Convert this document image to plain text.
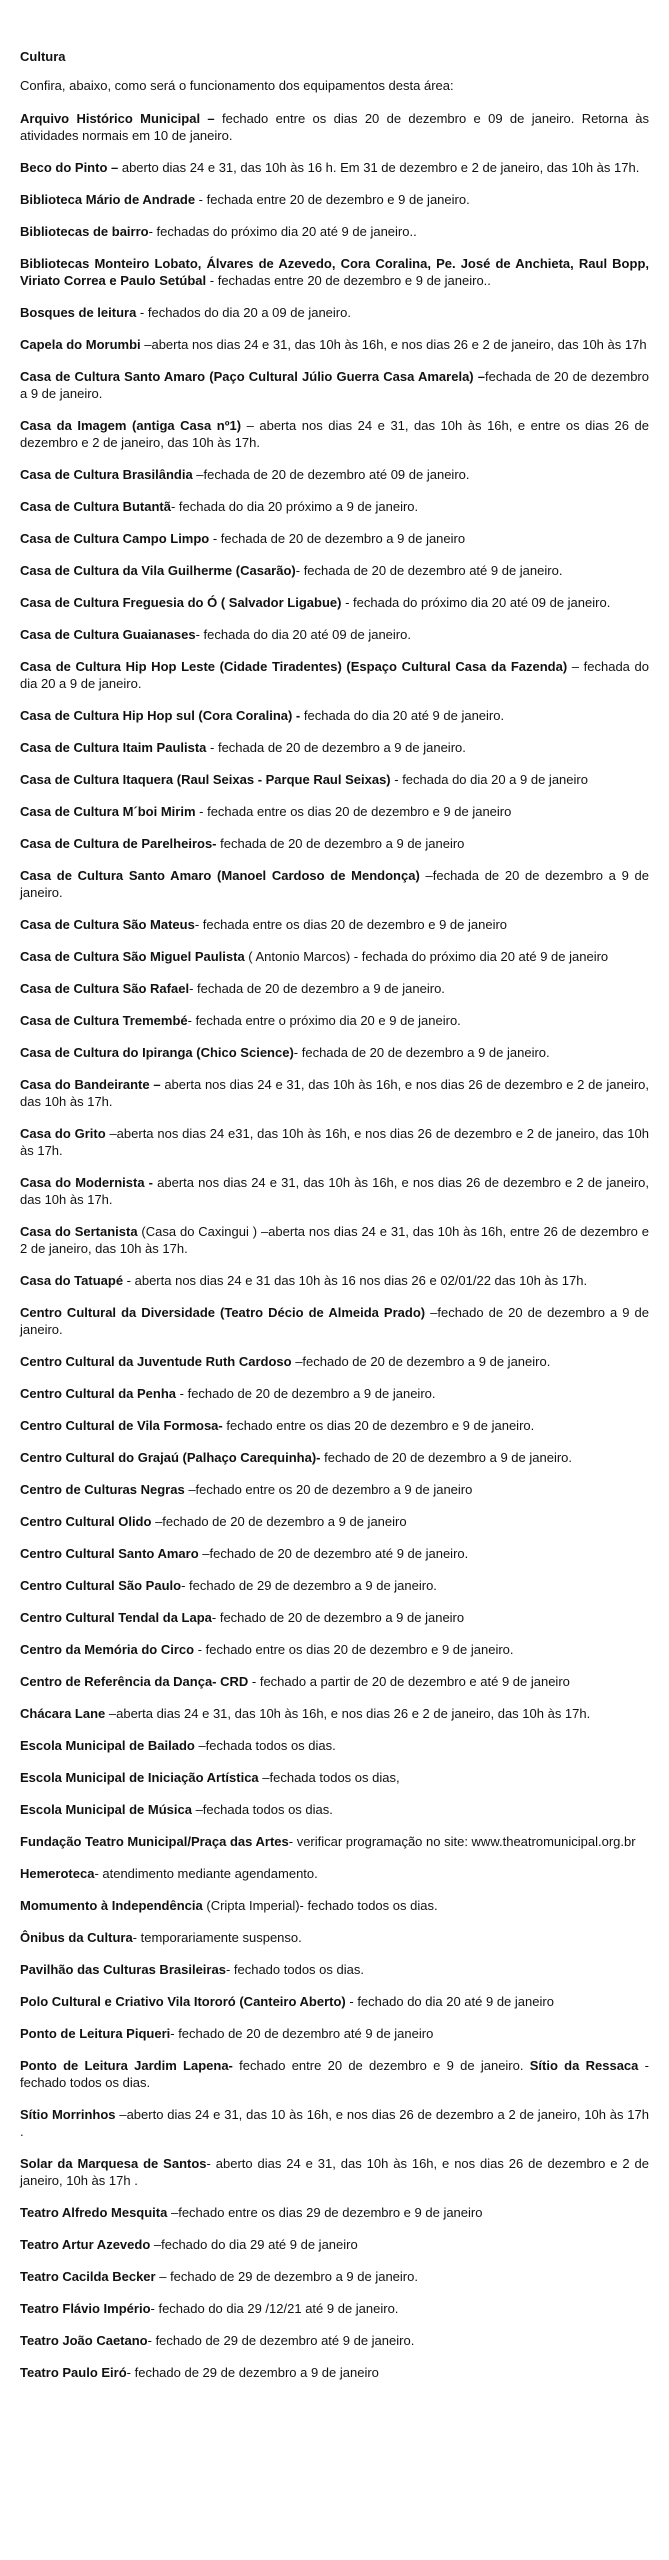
Cultura

Confira, abaixo, como será o funcionamento dos equipamentos desta área:

Arquivo Histórico Municipal – fechado entre os dias 20 de dezembro e 09 de janeiro. Retorna às atividades normais em 10 de janeiro.

Beco do Pinto – aberto dias 24 e 31, das 10h às 16 h. Em 31 de dezembro e 2 de janeiro, das 10h às 17h.

Biblioteca Mário de Andrade - fechada entre 20 de dezembro e 9 de janeiro.

Bibliotecas de bairro- fechadas do próximo dia 20 até 9 de janeiro..

Bibliotecas Monteiro Lobato, Álvares de Azevedo, Cora Coralina, Pe. José de Anchieta, Raul Bopp, Viriato Correa e Paulo Setúbal - fechadas entre 20 de dezembro e 9 de janeiro..

Bosques de leitura - fechados do dia 20 a 09 de janeiro.

Capela do Morumbi –aberta nos dias 24 e 31, das 10h às 16h, e nos dias 26 e 2 de janeiro, das 10h às 17h

Casa de Cultura Santo Amaro (Paço Cultural Júlio Guerra Casa Amarela) –fechada de 20 de dezembro a 9 de janeiro.

Casa da Imagem (antiga Casa nº1) – aberta nos dias 24 e 31, das 10h às 16h, e entre os dias 26 de dezembro e 2 de janeiro, das 10h às 17h.

Casa de Cultura Brasilândia –fechada de 20 de dezembro até 09 de janeiro.

Casa de Cultura Butantã- fechada do dia 20 próximo a 9 de janeiro.

Casa de Cultura Campo Limpo - fechada de 20 de dezembro a 9 de janeiro

Casa de Cultura da Vila Guilherme (Casarão)- fechada de 20 de dezembro até 9 de janeiro.

Casa de Cultura Freguesia do Ó ( Salvador Ligabue) - fechada do próximo dia 20 até 09 de janeiro.

Casa de Cultura Guaianases- fechada do dia 20 até 09 de janeiro.

Casa de Cultura Hip Hop Leste (Cidade Tiradentes) (Espaço Cultural Casa da Fazenda) – fechada do dia 20 a 9 de janeiro.

Casa de Cultura Hip Hop sul (Cora Coralina) - fechada do dia 20 até 9 de janeiro.

Casa de Cultura Itaim Paulista - fechada de 20 de dezembro a 9 de janeiro.

Casa de Cultura Itaquera (Raul Seixas - Parque Raul Seixas) - fechada do dia 20 a 9 de janeiro

Casa de Cultura M´boi Mirim - fechada entre os dias 20 de dezembro e 9 de janeiro

Casa de Cultura de Parelheiros- fechada de 20 de dezembro a 9 de janeiro

Casa de Cultura Santo Amaro (Manoel Cardoso de Mendonça) –fechada de 20 de dezembro a 9 de janeiro.

Casa de Cultura São Mateus- fechada entre os dias 20 de dezembro e 9 de janeiro

Casa de Cultura São Miguel Paulista ( Antonio Marcos) - fechada do próximo dia 20 até 9 de janeiro

Casa de Cultura São Rafael- fechada de 20 de dezembro a 9 de janeiro.

Casa de Cultura Tremembé- fechada entre o próximo dia 20 e 9 de janeiro.

Casa de Cultura do Ipiranga (Chico Science)- fechada de 20 de dezembro a 9 de janeiro.

Casa do Bandeirante – aberta nos dias 24 e 31, das 10h às 16h, e nos dias 26 de dezembro e 2 de janeiro, das 10h às 17h.

Casa do Grito –aberta nos dias 24 e31, das 10h às 16h, e nos dias 26 de dezembro e 2 de janeiro, das 10h às 17h.

Casa do Modernista - aberta nos dias 24 e 31, das 10h às 16h, e nos dias 26 de dezembro e 2 de janeiro, das 10h às 17h.

Casa do Sertanista (Casa do Caxingui ) –aberta nos dias 24 e 31, das 10h às 16h, entre 26 de dezembro e 2 de janeiro, das 10h às 17h.

Casa do Tatuapé - aberta nos dias 24 e 31 das 10h às 16 nos dias 26 e 02/01/22 das 10h às 17h.

Centro Cultural da Diversidade (Teatro Décio de Almeida Prado) –fechado de 20 de dezembro a 9 de janeiro.

Centro Cultural da Juventude Ruth Cardoso –fechado de 20 de dezembro a 9 de janeiro.

Centro Cultural da Penha - fechado de 20 de dezembro a 9 de janeiro.

Centro Cultural de Vila Formosa- fechado entre os dias 20 de dezembro e 9 de janeiro.

Centro Cultural do Grajaú (Palhaço Carequinha)- fechado de 20 de dezembro a 9 de janeiro.

Centro de Culturas Negras –fechado entre os 20 de dezembro a 9 de janeiro

Centro Cultural Olido –fechado de 20 de dezembro a 9 de janeiro

Centro Cultural Santo Amaro –fechado de 20 de dezembro até 9 de janeiro.

Centro Cultural São Paulo- fechado de 29 de dezembro a 9 de janeiro.

Centro Cultural Tendal da Lapa- fechado de 20 de dezembro a 9 de janeiro

Centro da Memória do Circo - fechado entre os dias 20 de dezembro e 9 de janeiro.

Centro de Referência da Dança- CRD - fechado a partir de 20 de dezembro e até 9 de janeiro

Chácara Lane –aberta dias 24 e 31, das 10h às 16h, e nos dias 26 e 2 de janeiro, das 10h às 17h.

Escola Municipal de Bailado –fechada todos os dias.

Escola Municipal de Iniciação Artística –fechada todos os dias,

Escola Municipal de Música –fechada todos os dias.

Fundação Teatro Municipal/Praça das Artes- verificar programação no site: www.theatromunicipal.org.br

Hemeroteca- atendimento mediante agendamento.

Momumento à Independência (Cripta Imperial)- fechado todos os dias.

Ônibus da Cultura- temporariamente suspenso.

Pavilhão das Culturas Brasileiras- fechado todos os dias.

Polo Cultural e Criativo Vila Itororó (Canteiro Aberto) - fechado do dia 20 até 9 de janeiro

Ponto de Leitura Piqueri- fechado de 20 de dezembro até 9 de janeiro

Ponto de Leitura Jardim Lapena- fechado entre 20 de dezembro e 9 de janeiro. Sítio da Ressaca - fechado todos os dias.

Sítio Morrinhos –aberto dias 24 e 31, das 10 às 16h, e nos dias 26 de dezembro a 2 de janeiro, 10h às 17h .

Solar da Marquesa de Santos- aberto dias 24 e 31, das 10h às 16h, e nos dias 26 de dezembro e 2 de janeiro, 10h às 17h .

Teatro Alfredo Mesquita –fechado entre os dias 29 de dezembro e 9 de janeiro

Teatro Artur Azevedo –fechado do dia 29 até 9 de janeiro

Teatro Cacilda Becker – fechado de 29 de dezembro a 9 de janeiro.

Teatro Flávio Império- fechado do dia 29 /12/21 até 9 de janeiro.

Teatro João Caetano- fechado de 29 de dezembro até 9 de janeiro.

Teatro Paulo Eiró- fechado de 29 de dezembro a 9 de janeiro
